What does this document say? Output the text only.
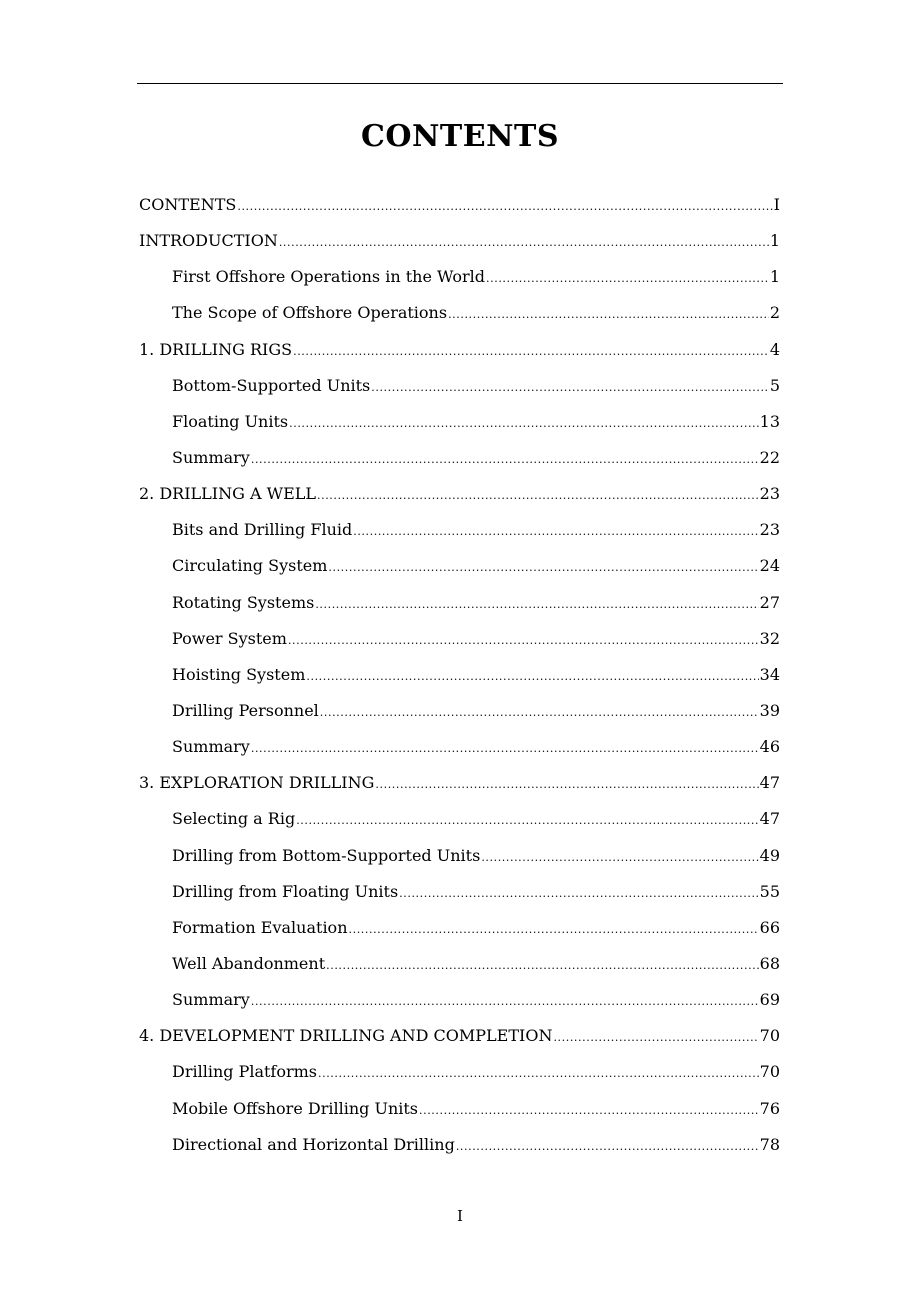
CONTENTS
CONTENTS .....	I
INTRODUCTION .....	1
First Offshore Operations in the World .....	1
The Scope of Offshore Operations .....	2
1. DRILLING RIGS .....	4
Bottom-Supported Units .....	5
Floating Units .....	13
Summary .....	22
2. DRILLING A WELL .....	23
Bits and Drilling Fluid .....	23
Circulating System .....	24
Rotating Systems .....	27
Power System .....	32
Hoisting System .....	34
Drilling Personnel .....	39
Summary .....	46
3. EXPLORATION DRILLING .....	47
Selecting a Rig .....	47
Drilling from Bottom-Supported Units .....	49
Drilling from Floating Units .....	55
Formation Evaluation .....	66
Well Abandonment .....	68
Summary .....	69
4. DEVELOPMENT DRILLING AND COMPLETION .....	70
Drilling Platforms .....	70
Mobile Offshore Drilling Units .....	76
Directional and Horizontal Drilling .....	78
I
